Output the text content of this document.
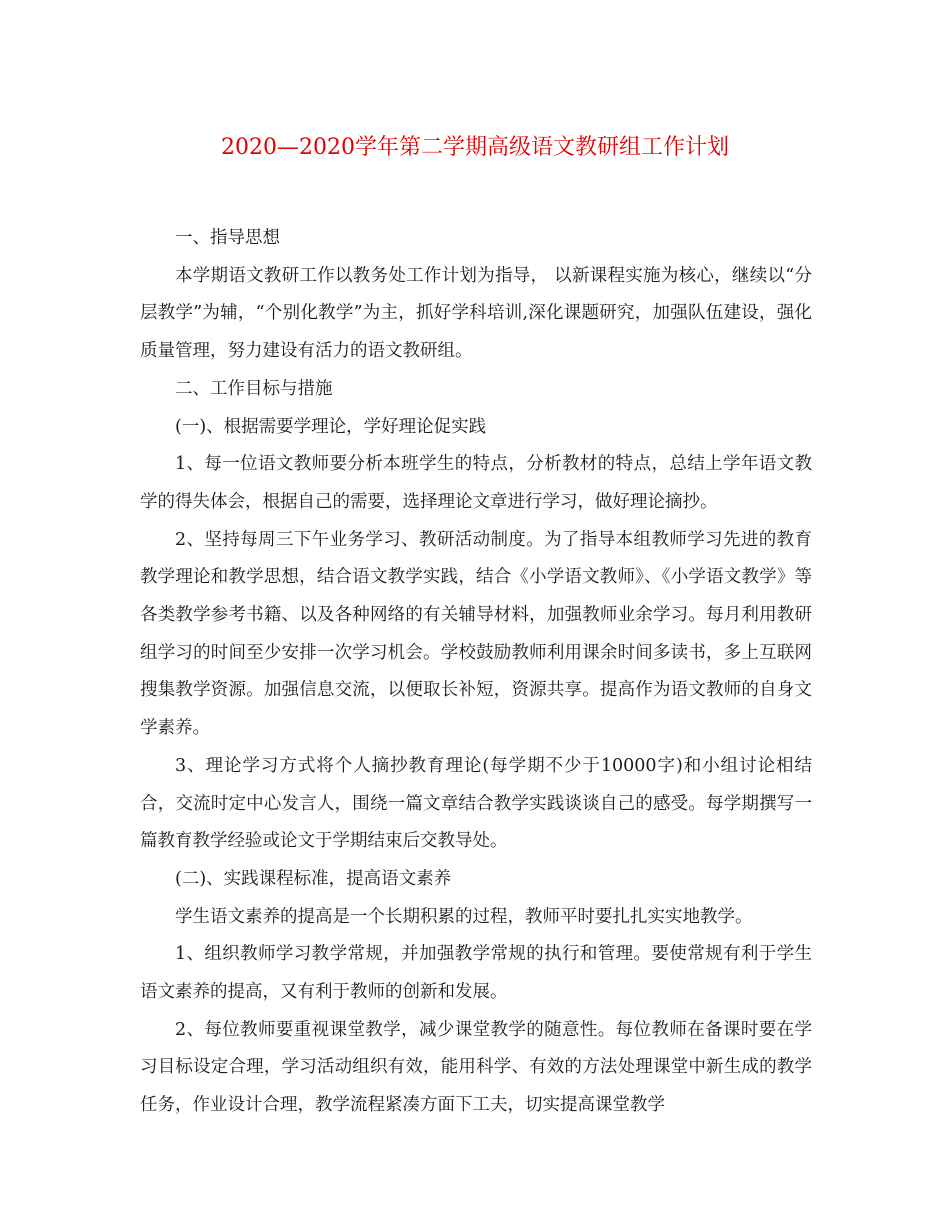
2020—2020学年第二学期高级语文教研组工作计划

一、指导思想

本学期语文教研工作以教务处工作计划为指导， 以新课程实施为核心，继续以“分层教学”为辅，“个别化教学”为主，抓好学科培训,深化课题研究，加强队伍建设，强化质量管理，努力建设有活力的语文教研组。

二、工作目标与措施

(一)、根据需要学理论，学好理论促实践

1、每一位语文教师要分析本班学生的特点，分析教材的特点，总结上学年语文教学的得失体会，根据自己的需要，选择理论文章进行学习，做好理论摘抄。

2、坚持每周三下午业务学习、教研活动制度。为了指导本组教师学习先进的教育教学理论和教学思想，结合语文教学实践，结合《小学语文教师》、《小学语文教学》等各类教学参考书籍、以及各种网络的有关辅导材料，加强教师业余学习。每月利用教研组学习的时间至少安排一次学习机会。学校鼓励教师利用课余时间多读书，多上互联网搜集教学资源。加强信息交流，以便取长补短，资源共享。提高作为语文教师的自身文学素养。

3、理论学习方式将个人摘抄教育理论(每学期不少于10000字)和小组讨论相结合，交流时定中心发言人，围绕一篇文章结合教学实践谈谈自己的感受。每学期撰写一篇教育教学经验或论文于学期结束后交教导处。

(二)、实践课程标准，提高语文素养

学生语文素养的提高是一个长期积累的过程，教师平时要扎扎实实地教学。

1、组织教师学习教学常规，并加强教学常规的执行和管理。要使常规有利于学生语文素养的提高，又有利于教师的创新和发展。

2、每位教师要重视课堂教学，减少课堂教学的随意性。每位教师在备课时要在学习目标设定合理，学习活动组织有效，能用科学、有效的方法处理课堂中新生成的教学任务，作业设计合理，教学流程紧凑方面下工夫，切实提高课堂教学
